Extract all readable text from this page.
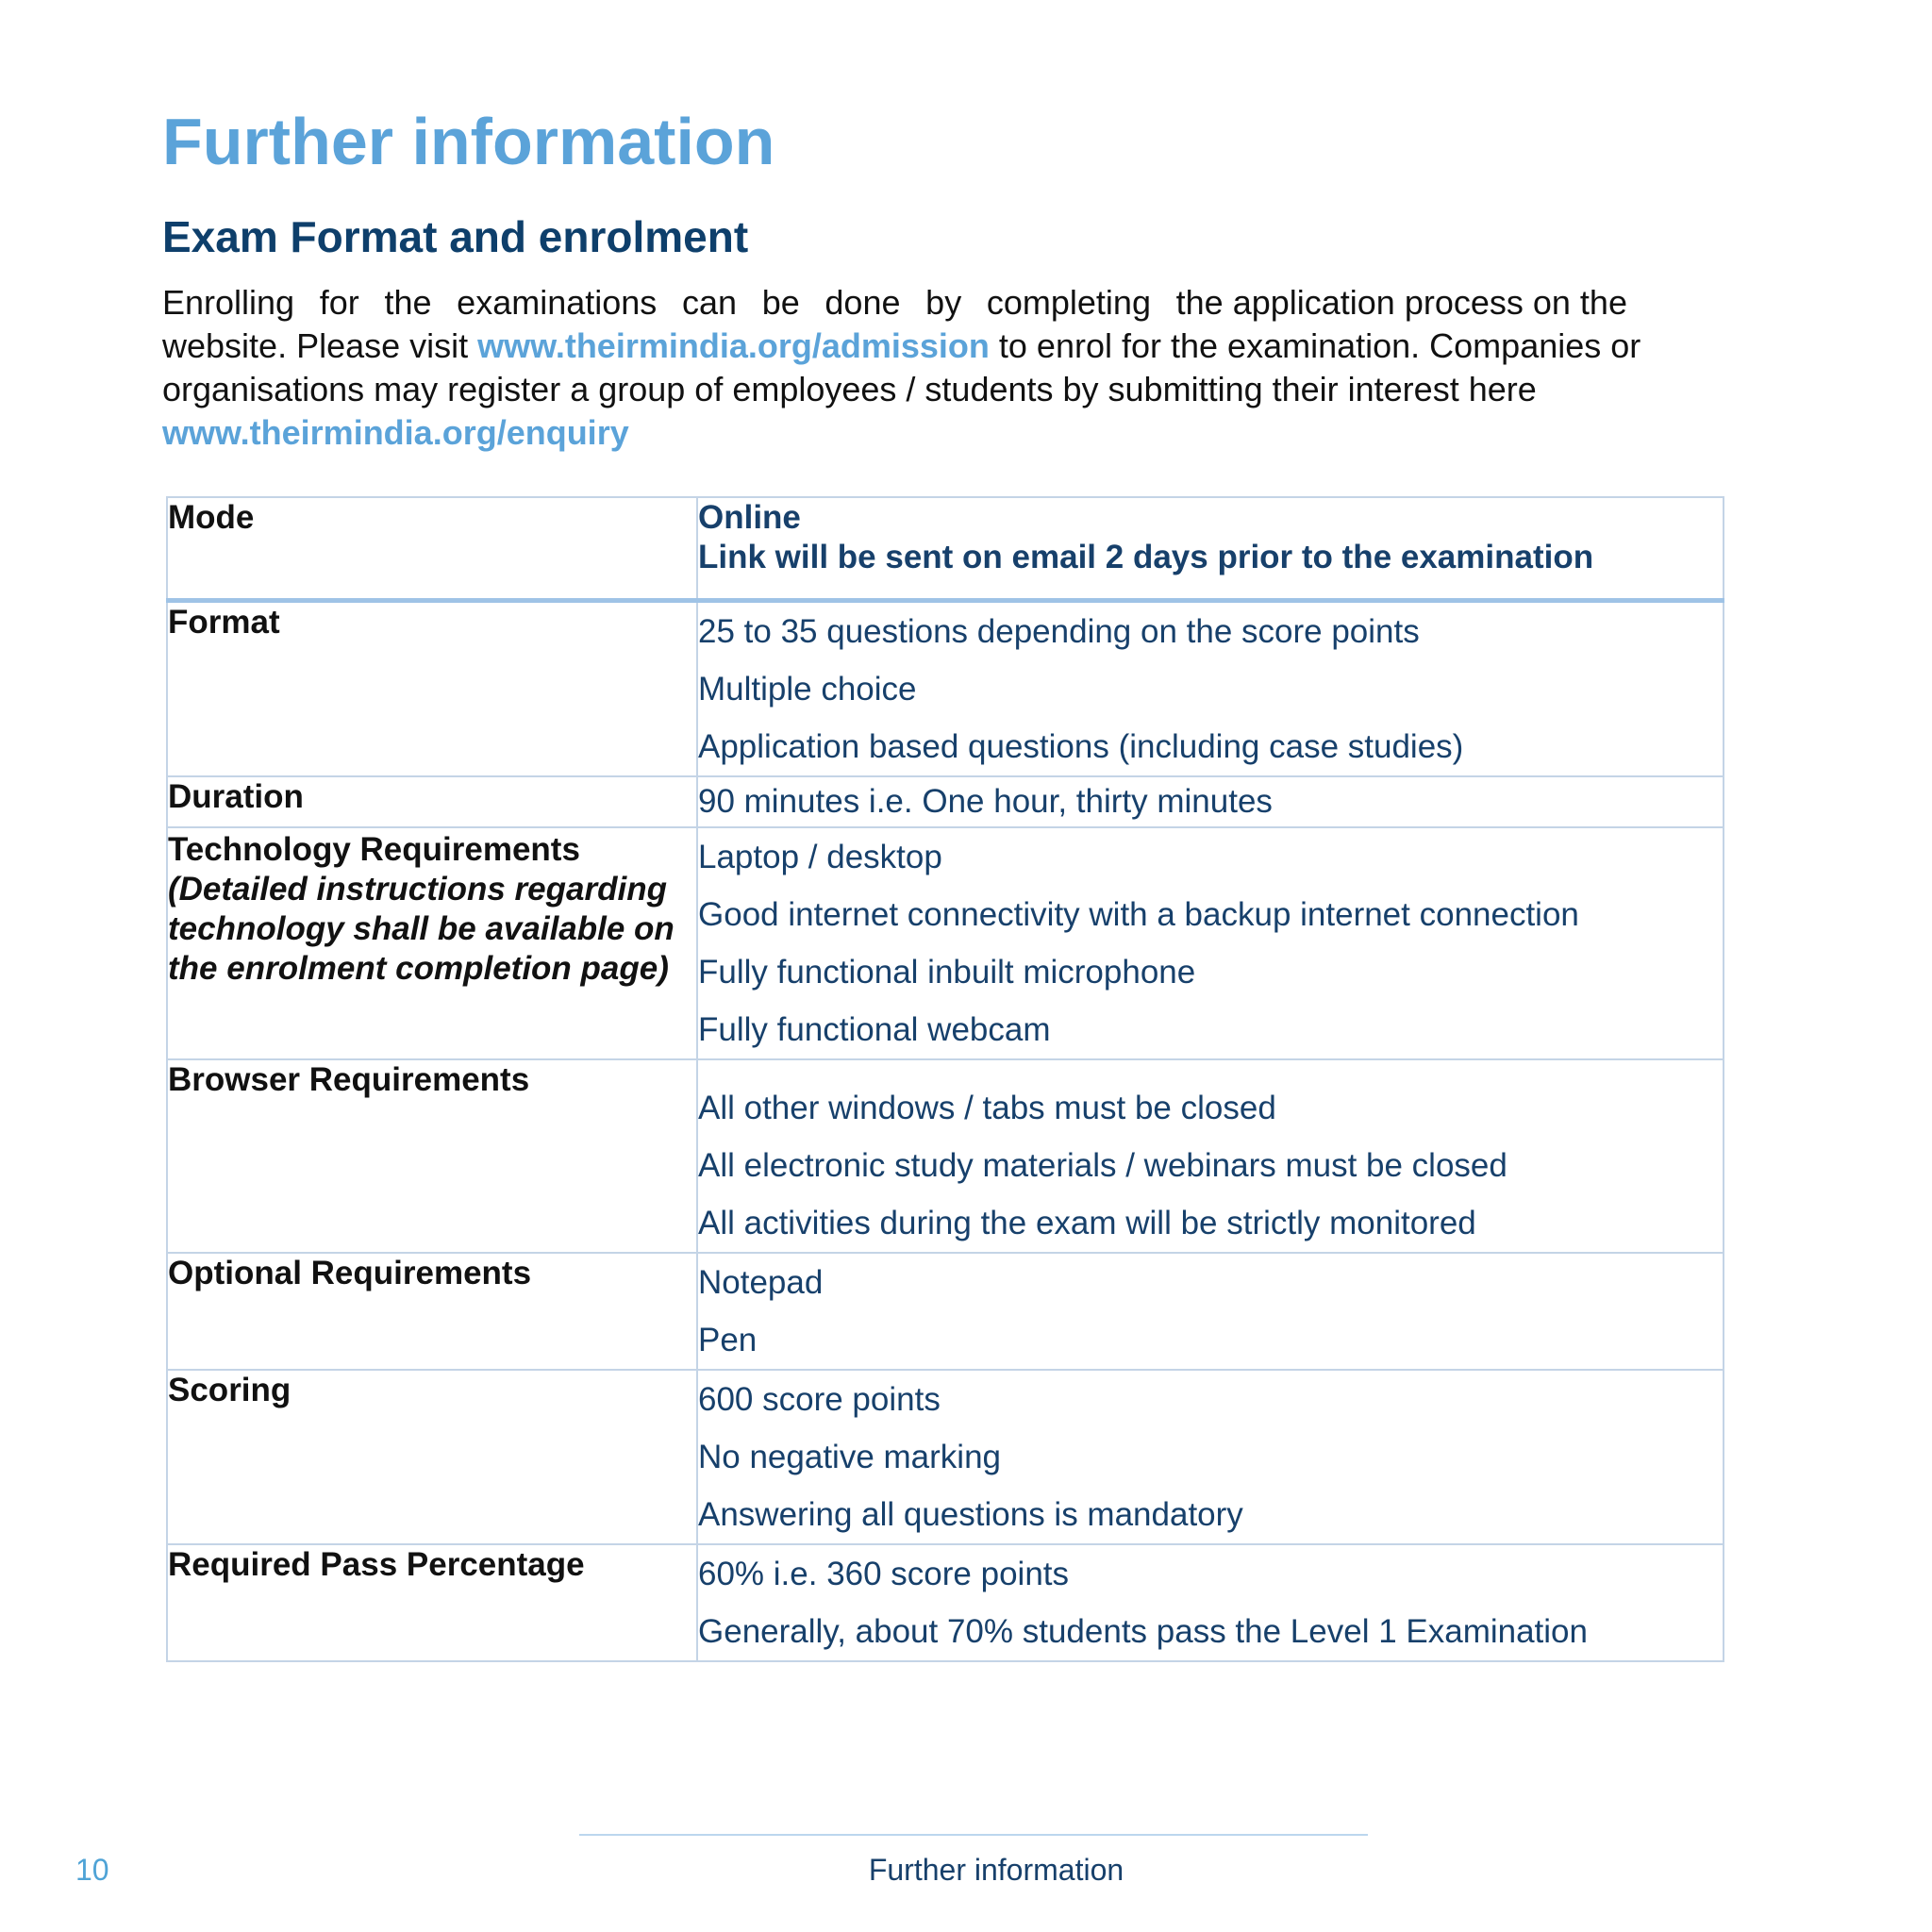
Further information
Exam Format and enrolment
Enrolling for the examinations can be done by completing the application process on the
website. Please visit www.theirmindia.org/admission to enrol for the examination. Companies or
organisations may register a group of employees / students by submitting their interest here
www.theirmindia.org/enquiry
Mode	Online
Link will be sent on email 2 days prior to the examination

Format	25 to 35 questions depending on the score points
Multiple choice
Application based questions (including case studies)

Duration	90 minutes i.e. One hour, thirty minutes

Technology Requirements (Detailed instructions regarding technology shall be available on the enrolment completion page)	Laptop / desktop
Good internet connectivity with a backup internet connection
Fully functional inbuilt microphone
Fully functional webcam

Browser Requirements	All other windows / tabs must be closed
All electronic study materials / webinars must be closed
All activities during the exam will be strictly monitored

Optional Requirements	Notepad
Pen

Scoring	600 score points
No negative marking
Answering all questions is mandatory

Required Pass Percentage	60% i.e. 360 score points
Generally, about 70% students pass the Level 1 Examination
10	Further information
